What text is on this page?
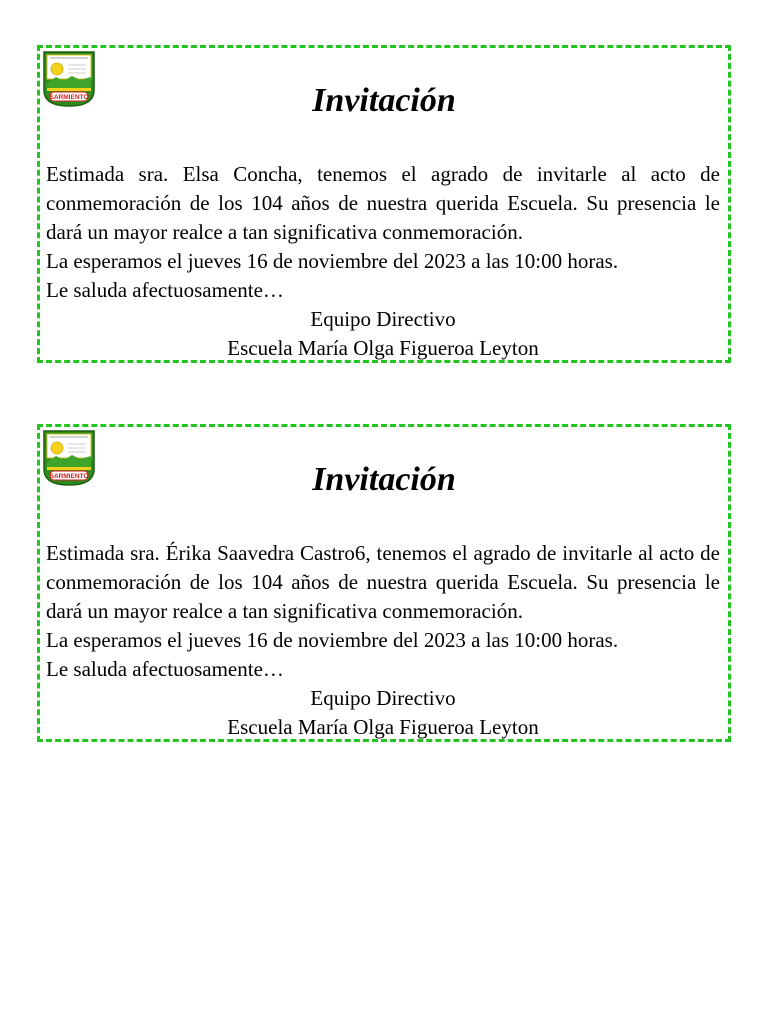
SARMIENTO	Invitación

Estimada sra. Elsa Concha, tenemos el agrado de invitarle al acto de conmemoración de los 104 años de nuestra querida Escuela. Su presencia le dará un mayor realce a tan significativa conmemoración.

La esperamos el jueves 16 de noviembre del 2023 a las 10:00 horas.

Le saluda afectuosamente…

Equipo Directivo

Escuela María Olga Figueroa Leyton

SARMIENTO	Invitación

Estimada sra. Érika Saavedra Castro6, tenemos el agrado de invitarle al acto de conmemoración de los 104 años de nuestra querida Escuela. Su presencia le dará un mayor realce a tan significativa conmemoración.

La esperamos el jueves 16 de noviembre del 2023 a las 10:00 horas.

Le saluda afectuosamente…

Equipo Directivo

Escuela María Olga Figueroa Leyton
